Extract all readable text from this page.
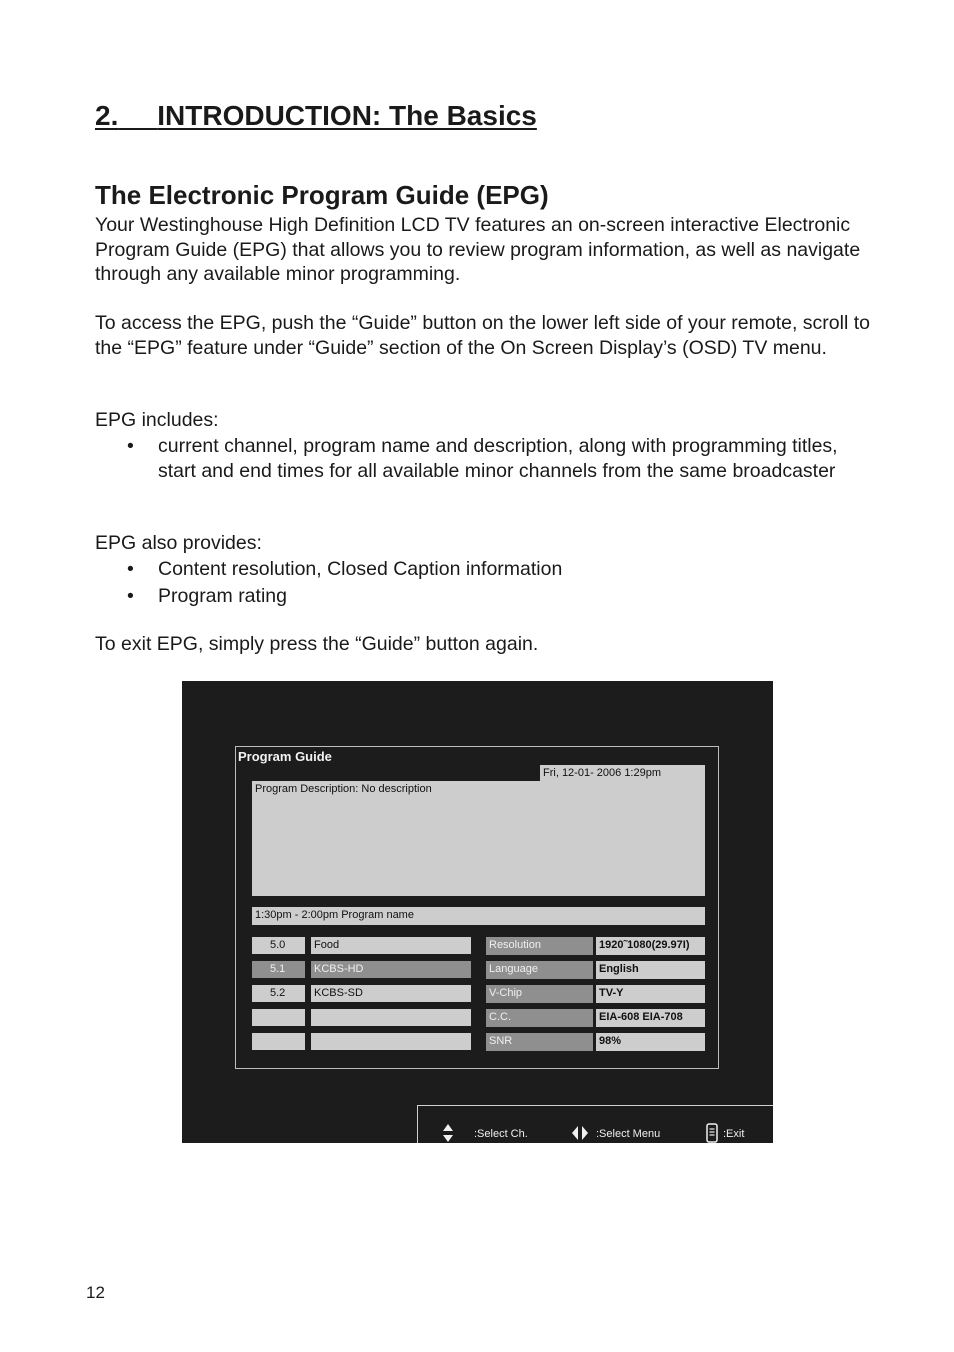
2. INTRODUCTION: The Basics
The Electronic Program Guide (EPG)

Your Westinghouse High Definition LCD TV features an on-screen interactive Electronic Program Guide (EPG) that allows you to review program information, as well as navigate through any available minor programming.

To access the EPG, push the “Guide” button on the lower left side of your remote, scroll to the “EPG” feature under “Guide” section of the On Screen Display’s (OSD) TV menu.

EPG includes:

• current channel, program name and description, along with programming titles, start and end times for all available minor channels from the same broadcaster

EPG also provides:

• Content resolution, Closed Caption information
• Program rating

To exit EPG, simply press the “Guide” button again.

Program Guide
Fri, 12-01- 2006 1:29pm
Program Description: No description
1:30pm - 2:00pm Program name
5.0	Food
5.1	KCBS-HD
5.2	KCBS-SD
Resolution	1920˜1080(29.97I)
Language	English
V-Chip	TV-Y
C.C.	EIA-608 EIA-708
SNR	98%
:Select Ch.	:Select Menu	:Exit
12
